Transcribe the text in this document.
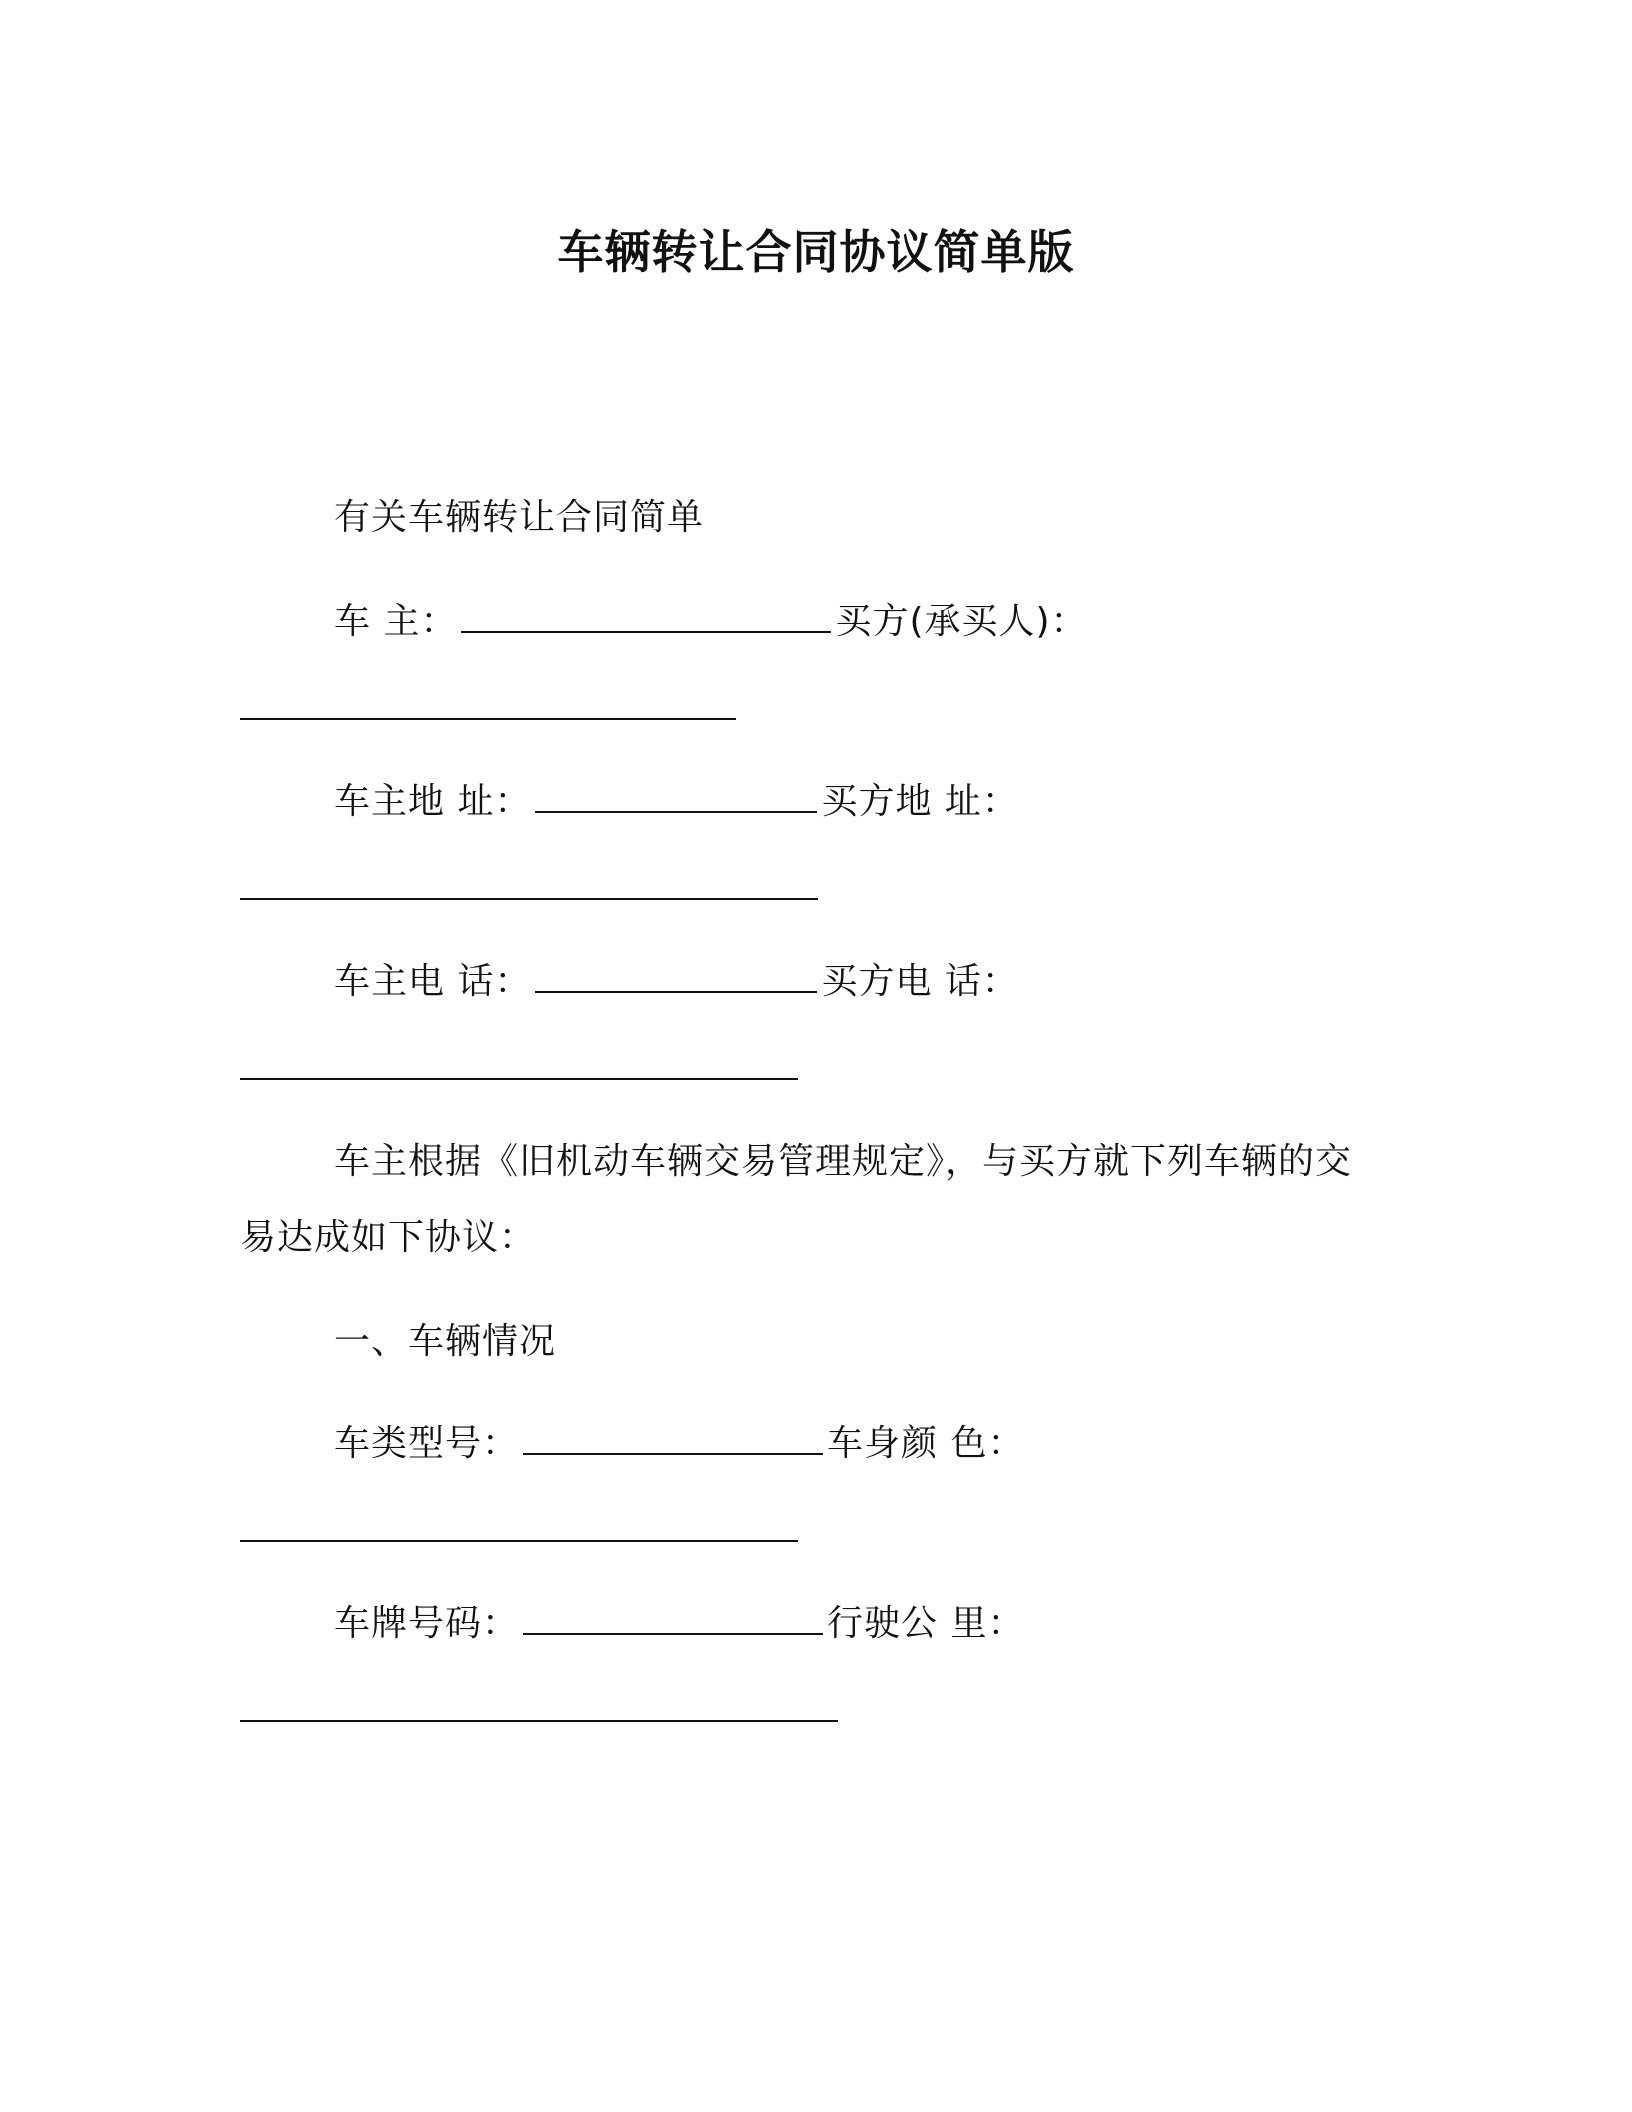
车辆转让合同协议简单版
有关车辆转让合同简单
车 主：	买方(承买人)：
车主地 址：	买方地 址：
车主电 话：	买方电 话：
车主根据《旧机动车辆交易管理规定》，与买方就下列车辆的交
易达成如下协议：
一、车辆情况
车类型号：	车身颜 色：
车牌号码：	行驶公 里：
